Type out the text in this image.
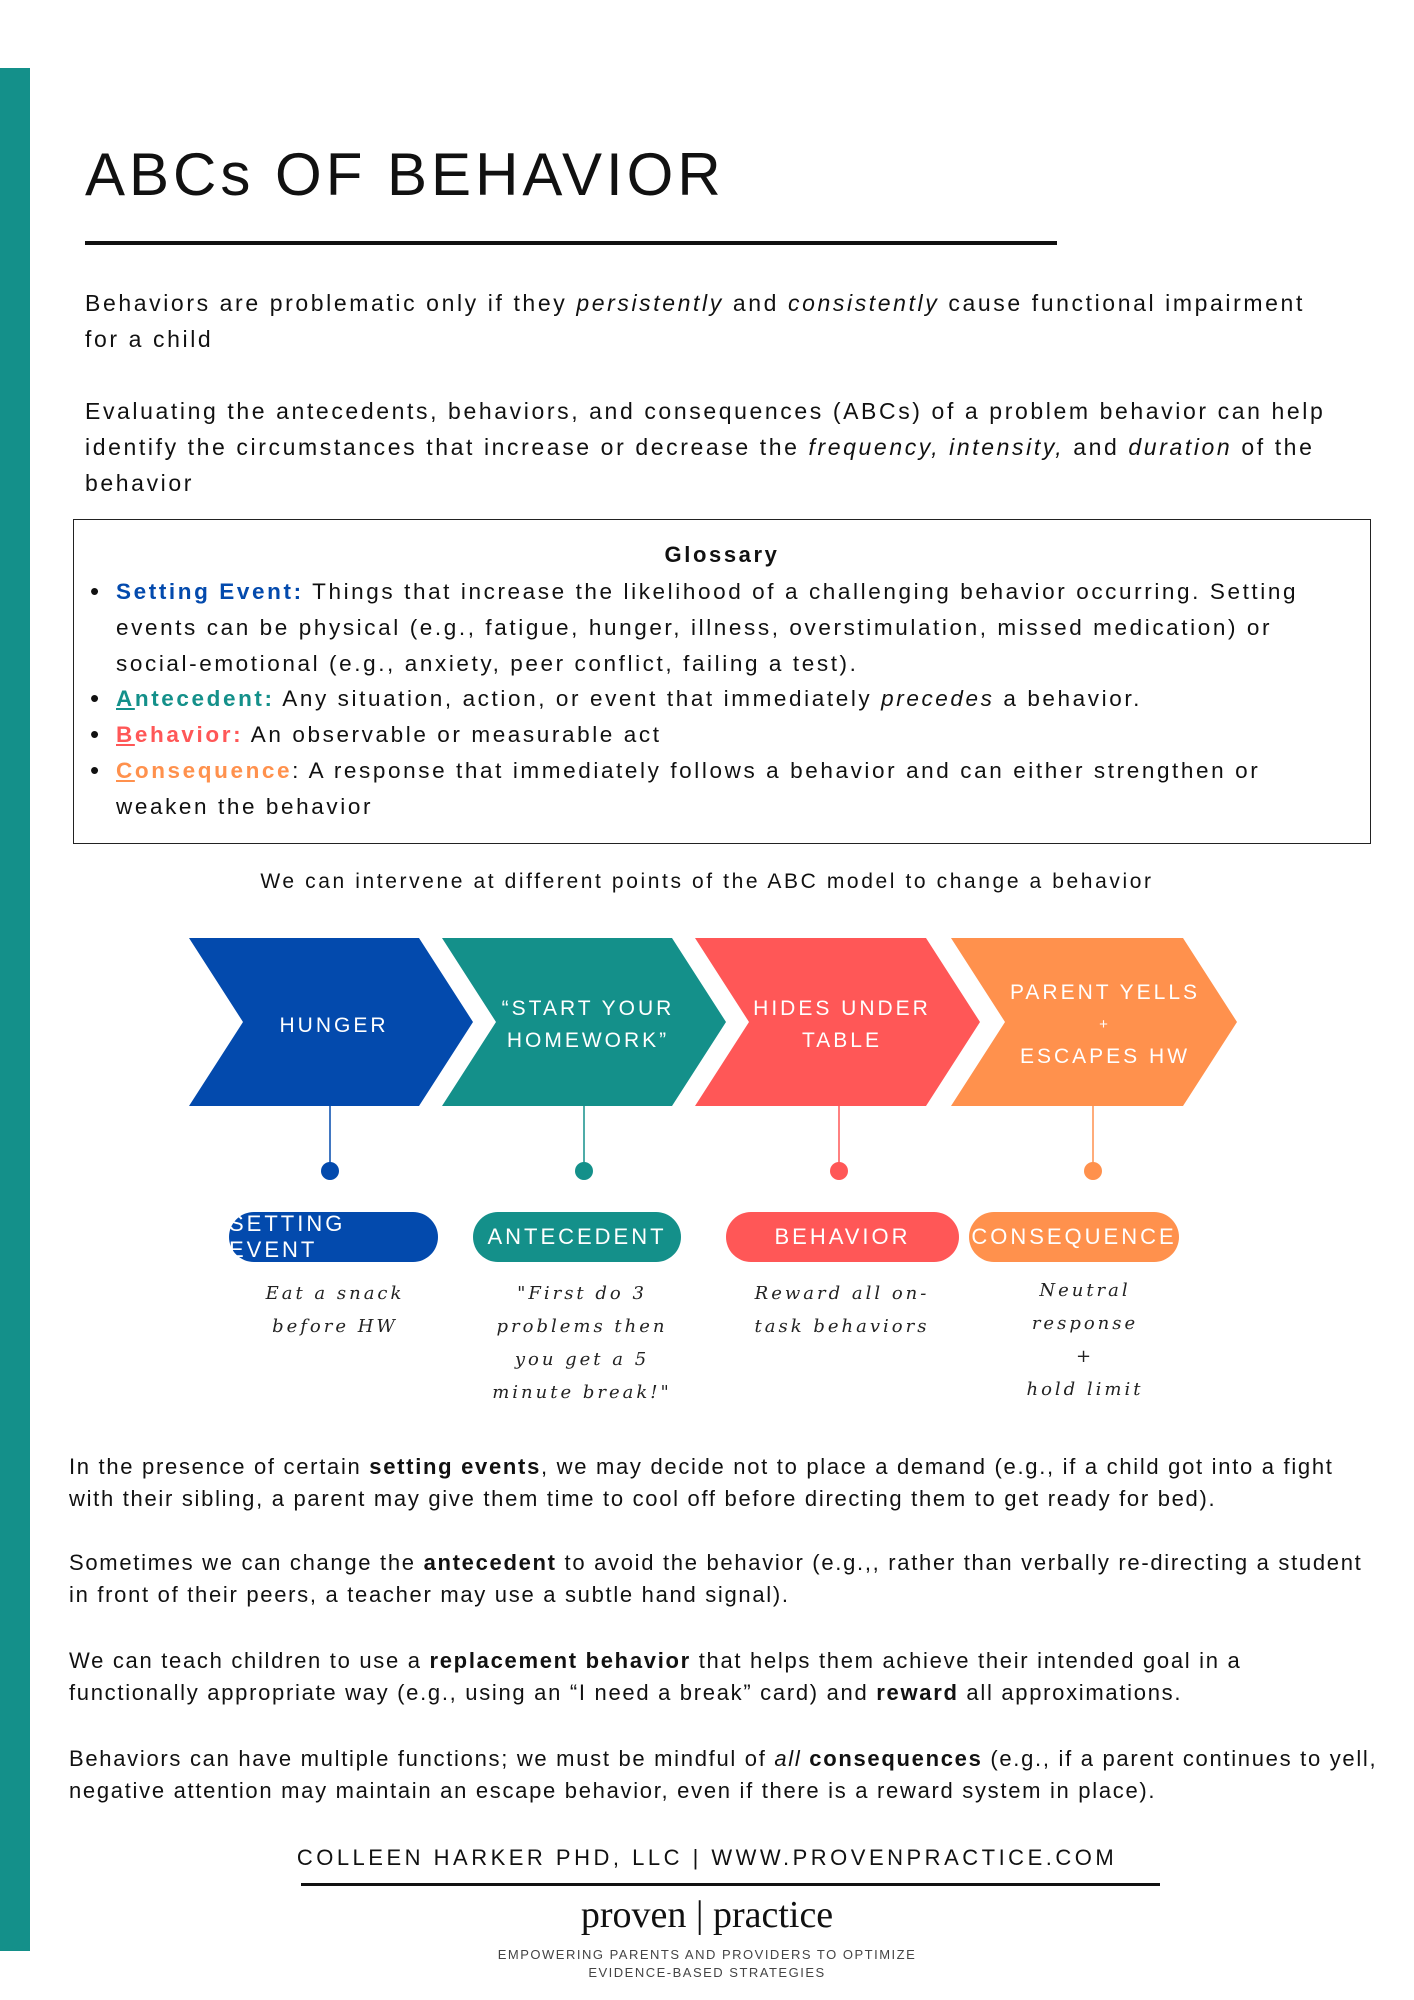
ABCs OF BEHAVIOR
Behaviors are problematic only if they persistently and consistently cause functional impairment for a child
Evaluating the antecedents, behaviors, and consequences (ABCs) of a problem behavior can help identify the circumstances that increase or decrease the frequency, intensity, and duration of the behavior
Glossary
• Setting Event: Things that increase the likelihood of a challenging behavior occurring. Setting events can be physical (e.g., fatigue, hunger, illness, overstimulation, missed medication) or social-emotional (e.g., anxiety, peer conflict, failing a test).
• Antecedent: Any situation, action, or event that immediately precedes a behavior.
• Behavior: An observable or measurable act
• Consequence: A response that immediately follows a behavior and can either strengthen or weaken the behavior
We can intervene at different points of the ABC model to change a behavior
HUNGER
“START YOUR
HOMEWORK”
HIDES UNDER
TABLE
PARENT YELLS
+
ESCAPES HW
SETTING EVENT
ANTECEDENT	BEHAVIOR	CONSEQUENCE
Eat a snack
before HW
"First do 3
problems then
you get a 5
minute break!"
Reward all on-
task behaviors
Neutral
response
+
hold limit
In the presence of certain setting events, we may decide not to place a demand (e.g., if a child got into a fight with their sibling, a parent may give them time to cool off before directing them to get ready for bed).
Sometimes we can change the antecedent to avoid the behavior (e.g.,, rather than verbally re-directing a student in front of their peers, a teacher may use a subtle hand signal).
We can teach children to use a replacement behavior that helps them achieve their intended goal in a functionally appropriate way (e.g., using an “I need a break” card) and reward all approximations.
Behaviors can have multiple functions; we must be mindful of all consequences (e.g., if a parent continues to yell, negative attention may maintain an escape behavior, even if there is a reward system in place).
COLLEEN HARKER PHD, LLC | WWW.PROVENPRACTICE.COM
proven | practice
EMPOWERING PARENTS AND PROVIDERS TO OPTIMIZE
EVIDENCE-BASED STRATEGIES
